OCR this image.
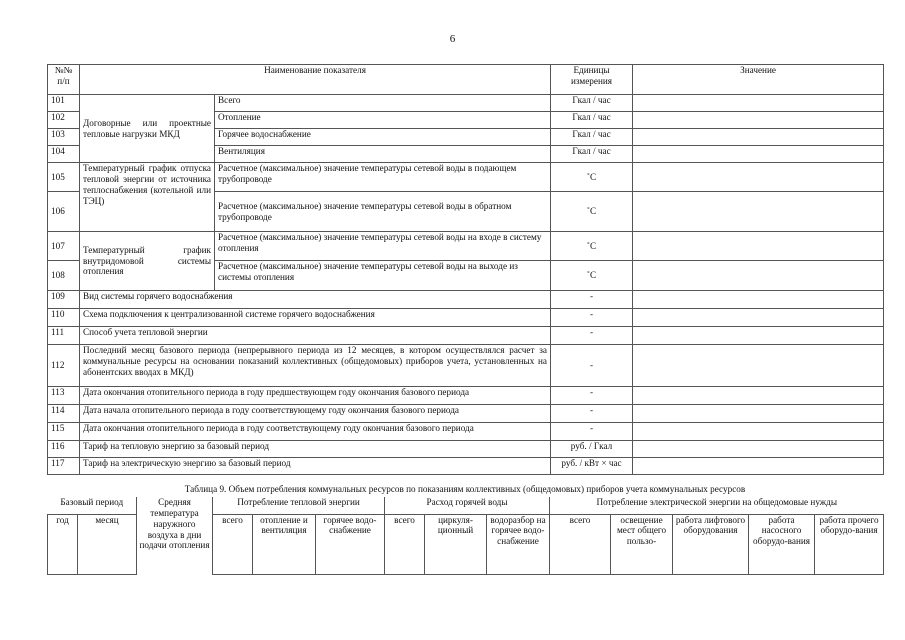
6
№№
п/п	Наименование показателя		Единицы
измерения	Значение
101	Договорные или проектные тепловые нагрузки МКД	Всего	Гкал / час	
102		Отопление	Гкал / час	
103		Горячее водоснабжение	Гкал / час	
104		Вентиляция	Гкал / час	
105	Температурный график отпуска тепловой энергии от источника теплоснабжения (котельной или ТЭЦ)	Расчетное (максимальное) значение температуры сетевой воды в подающем трубопроводе	˚С	
106		Расчетное (максимальное) значение температуры сетевой воды в обратном трубопроводе	˚С	
107	Температурный график внутридомовой системы отопления	Расчетное (максимальное) значение температуры сетевой воды на входе в систему отопления	˚С	
108		Расчетное (максимальное) значение температуры сетевой воды на выходе из системы отопления	˚С	
109	Вид системы горячего водоснабжения		-	
110	Схема подключения к централизованной системе горячего водоснабжения		-	
111	Способ учета тепловой энергии		-	
112	Последний месяц базового периода (непрерывного периода из 12 месяцев, в котором осуществлялся расчет за коммунальные ресурсы на основании показаний коллективных (общедомовых) приборов учета, установленных на абонентских вводах в МКД)		-	
113	Дата окончания отопительного периода в году предшествующем году окончания базового периода		-	
114	Дата начала отопительного периода в году соответствующему году окончания базового периода		-	
115	Дата окончания отопительного периода в году соответствующему году окончания базового периода		-	
116	Тариф на тепловую энергию за базовый период		руб. / Гкал	
117	Тариф на электрическую энергию за базовый период		руб. / кВт × час	
Таблица 9. Объем потребления коммунальных ресурсов по показаниям коллективных (общедомовых) приборов учета коммунальных ресурсов
Базовый период		Средняя температура наружного воздуха в дни подачи отопления	Потребление тепловой энергии			Расход горячей воды			Потребление электрической энергии на общедомовые нужды				
год	месяц		всего	отопление и вентиляция	горячее водо-снабжение	всего	циркуля-ционный	водоразбор на горячее водо-снабжение	всего	освещение мест общего пользо-	работа лифтового оборудования	работа насосного оборудо-вания	работа прочего оборудо-вания
